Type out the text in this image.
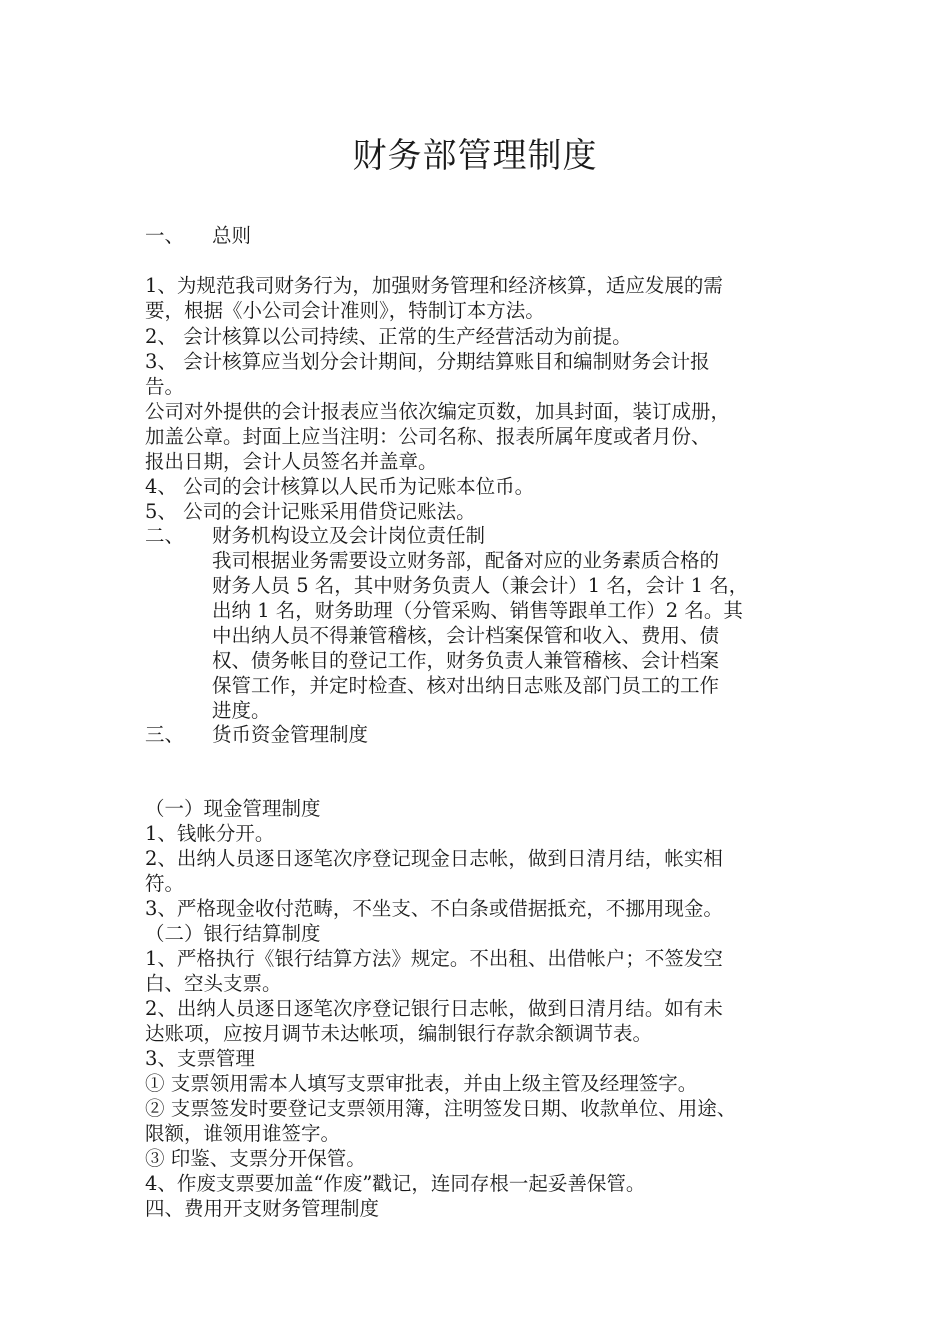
财务部管理制度
一、 总则
1、为规范我司财务行为，加强财务管理和经济核算，适应发展的需
要，根据《小公司会计准则》，特制订本方法。
2、 会计核算以公司持续、正常的生产经营活动为前提。
3、 会计核算应当划分会计期间，分期结算账目和编制财务会计报
告。
公司对外提供的会计报表应当依次编定页数，加具封面，装订成册，
加盖公章。封面上应当注明：公司名称、报表所属年度或者月份、
报出日期，会计人员签名并盖章。
4、 公司的会计核算以人民币为记账本位币。
5、 公司的会计记账采用借贷记账法。
二、 财务机构设立及会计岗位责任制
我司根据业务需要设立财务部，配备对应的业务素质合格的
财务人员 5 名，其中财务负责人（兼会计）1 名，会计 1 名，
出纳 1 名，财务助理（分管采购、销售等跟单工作）2 名。其
中出纳人员不得兼管稽核，会计档案保管和收入、费用、债
权、债务帐目的登记工作，财务负责人兼管稽核、会计档案
保管工作，并定时检查、核对出纳日志账及部门员工的工作
进度。
三、 货币资金管理制度
（一）现金管理制度
1、钱帐分开。
2、出纳人员逐日逐笔次序登记现金日志帐，做到日清月结，帐实相
符。
3、严格现金收付范畴，不坐支、不白条或借据抵充，不挪用现金。
（二）银行结算制度
1、严格执行《银行结算方法》规定。不出租、出借帐户；不签发空
白、空头支票。
2、出纳人员逐日逐笔次序登记银行日志帐，做到日清月结。如有未
达账项，应按月调节未达帐项，编制银行存款余额调节表。
3、支票管理
① 支票领用需本人填写支票审批表，并由上级主管及经理签字。
② 支票签发时要登记支票领用簿，注明签发日期、收款单位、用途、
限额，谁领用谁签字。
③ 印鉴、支票分开保管。
4、作废支票要加盖“作废”戳记，连同存根一起妥善保管。
四、费用开支财务管理制度
